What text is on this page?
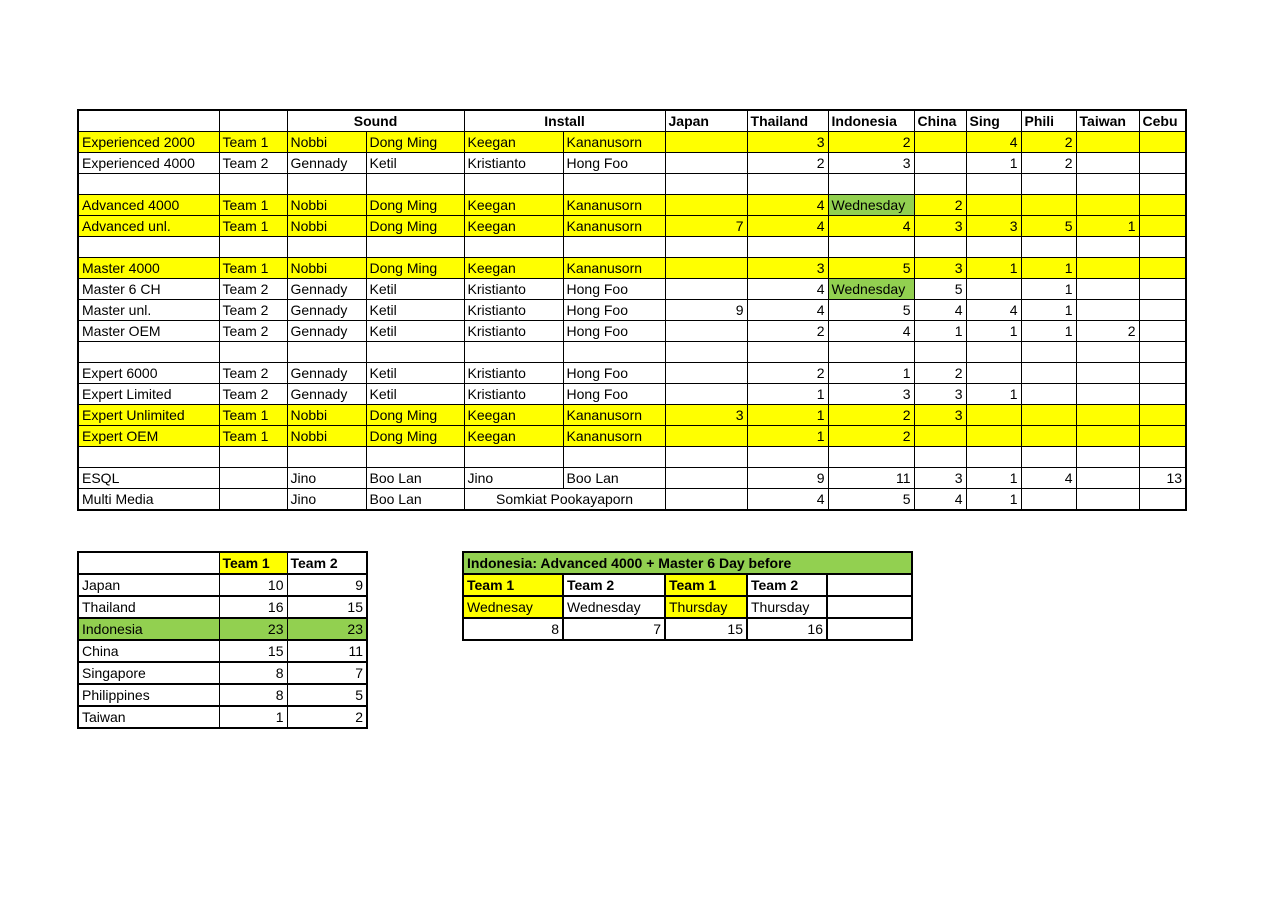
		Sound		Install		Japan	Thailand	Indonesia	China	Sing	Phili	Taiwan	Cebu
Experienced 2000	Team 1	Nobbi	Dong Ming	Keegan	Kananusorn		3	2		4	2		
Experienced 4000	Team 2	Gennady	Ketil	Kristianto	Hong Foo		2	3		1	2		

Advanced 4000	Team 1	Nobbi	Dong Ming	Keegan	Kananusorn		4	Wednesday	2				
Advanced unl.	Team 1	Nobbi	Dong Ming	Keegan	Kananusorn	7	4	4	3	3	5	1	

Master 4000	Team 1	Nobbi	Dong Ming	Keegan	Kananusorn		3	5	3	1	1		
Master 6 CH	Team 2	Gennady	Ketil	Kristianto	Hong Foo		4	Wednesday	5		1		
Master unl.	Team 2	Gennady	Ketil	Kristianto	Hong Foo	9	4	5	4	4	1		
Master OEM	Team 2	Gennady	Ketil	Kristianto	Hong Foo		2	4	1	1	1	2	

Expert 6000	Team 2	Gennady	Ketil	Kristianto	Hong Foo		2	1	2				
Expert Limited	Team 2	Gennady	Ketil	Kristianto	Hong Foo		1	3	3	1			
Expert Unlimited	Team 1	Nobbi	Dong Ming	Keegan	Kananusorn	3	1	2	3				
Expert OEM	Team 1	Nobbi	Dong Ming	Keegan	Kananusorn		1	2					

ESQL		Jino	Boo Lan	Jino	Boo Lan		9	11	3	1	4		13
Multi Media		Jino	Boo Lan	Somkiat Pookayaporn			4	5	4	1			
	Team 1	Team 2
Japan	10	9
Thailand	16	15
Indonesia	23	23
China	15	11
Singapore	8	7
Philippines	8	5
Taiwan	1	2
Indonesia: Advanced 4000 + Master 6 Day before				
Team 1	Team 2	Team 1	Team 2	
Wednesay	Wednesday	Thursday	Thursday	
8	7	15	16	
